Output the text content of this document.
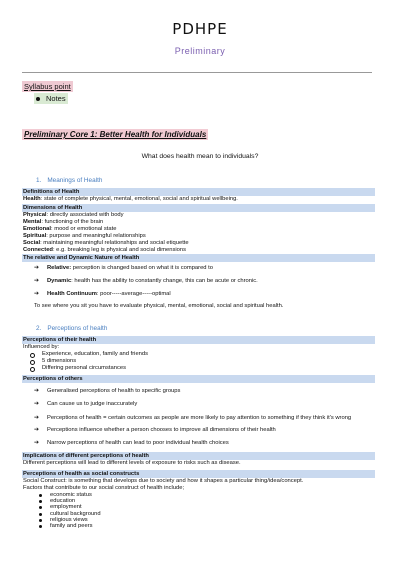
PDHPE
Preliminary
Syllabus point
Notes
Preliminary Core 1: Better Health for Individuals
What does health mean to individuals?
1. Meanings of Health
Definitions of Health
Health: state of complete physical, mental, emotional, social and spiritual wellbeing.
Dimensions of Health
Physical: directly associated with body
Mental: functioning of the brain
Emotional: mood or emotional state
Spiritual: purpose and meaningful relationships
Social: maintaining meaningful relationships and social etiquette
Connected: e.g. breaking leg is physical and social dimensions
The relative and Dynamic Nature of Health
➔ Relative: perception is changed based on what it is compared to
➔ Dynamic: health has the ability to constantly change, this can be acute or chronic.
➔ Health Continuum: poor-----average-----optimal
To see where you sit you have to evaluate physical, mental, emotional, social and spiritual health.
2. Perceptions of health
Perceptions of their health
Influenced by:
Experience, education, family and friends
5 dimensions
Differing personal circumstances
Perceptions of others
➔ Generalised perceptions of health to specific groups
➔ Can cause us to judge inaccurately
➔ Perceptions of health = certain outcomes as people are more likely to pay attention to something if they think it's wrong
➔ Perceptions influence whether a person chooses to improve all dimensions of their health
➔ Narrow perceptions of health can lead to poor individual health choices
Implications of different perceptions of health
Different perceptions will lead to different levels of exposure to risks such as disease.
Perceptions of health as social constructs
Social Construct: is something that develops due to society and how it shapes a particular thing/idea/concept.
Factors that contribute to our social construct of health include;
economic status
education
employment
cultural background
religious views
family and peers
